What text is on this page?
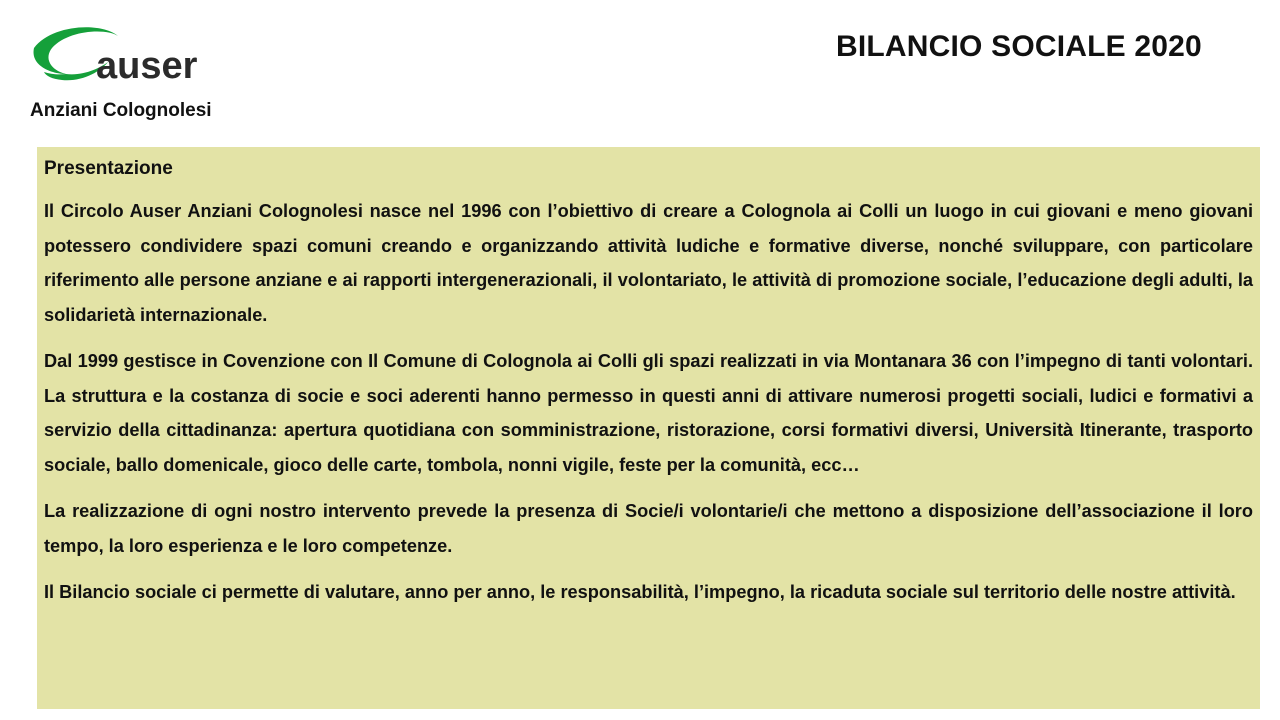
auser
Anziani Colognolesi
BILANCIO SOCIALE 2020
Presentazione

Il Circolo Auser Anziani Colognolesi nasce nel 1996 con l’obiettivo di creare a Colognola ai Colli un luogo in cui giovani e meno giovani potessero condividere spazi comuni creando e organizzando attività ludiche e formative diverse, nonché sviluppare, con particolare riferimento alle persone anziane e ai rapporti intergenerazionali, il volontariato, le attività di promozione sociale, l’educazione degli adulti, la solidarietà internazionale.

Dal 1999 gestisce in Covenzione con Il Comune di Colognola ai Colli gli spazi realizzati in via Montanara 36 con l’impegno di tanti volontari. La struttura e la costanza di socie e soci aderenti hanno permesso in questi anni di attivare numerosi progetti sociali, ludici e formativi a servizio della cittadinanza: apertura quotidiana con somministrazione, ristorazione, corsi formativi diversi, Università Itinerante, trasporto sociale, ballo domenicale, gioco delle carte, tombola, nonni vigile, feste per la comunità, ecc…

La realizzazione di ogni nostro intervento prevede la presenza di Socie/i volontarie/i che mettono a disposizione dell’associazione il loro tempo, la loro esperienza e le loro competenze.

Il Bilancio sociale ci permette di valutare, anno per anno, le responsabilità, l’impegno, la ricaduta sociale sul territorio delle nostre attività.
